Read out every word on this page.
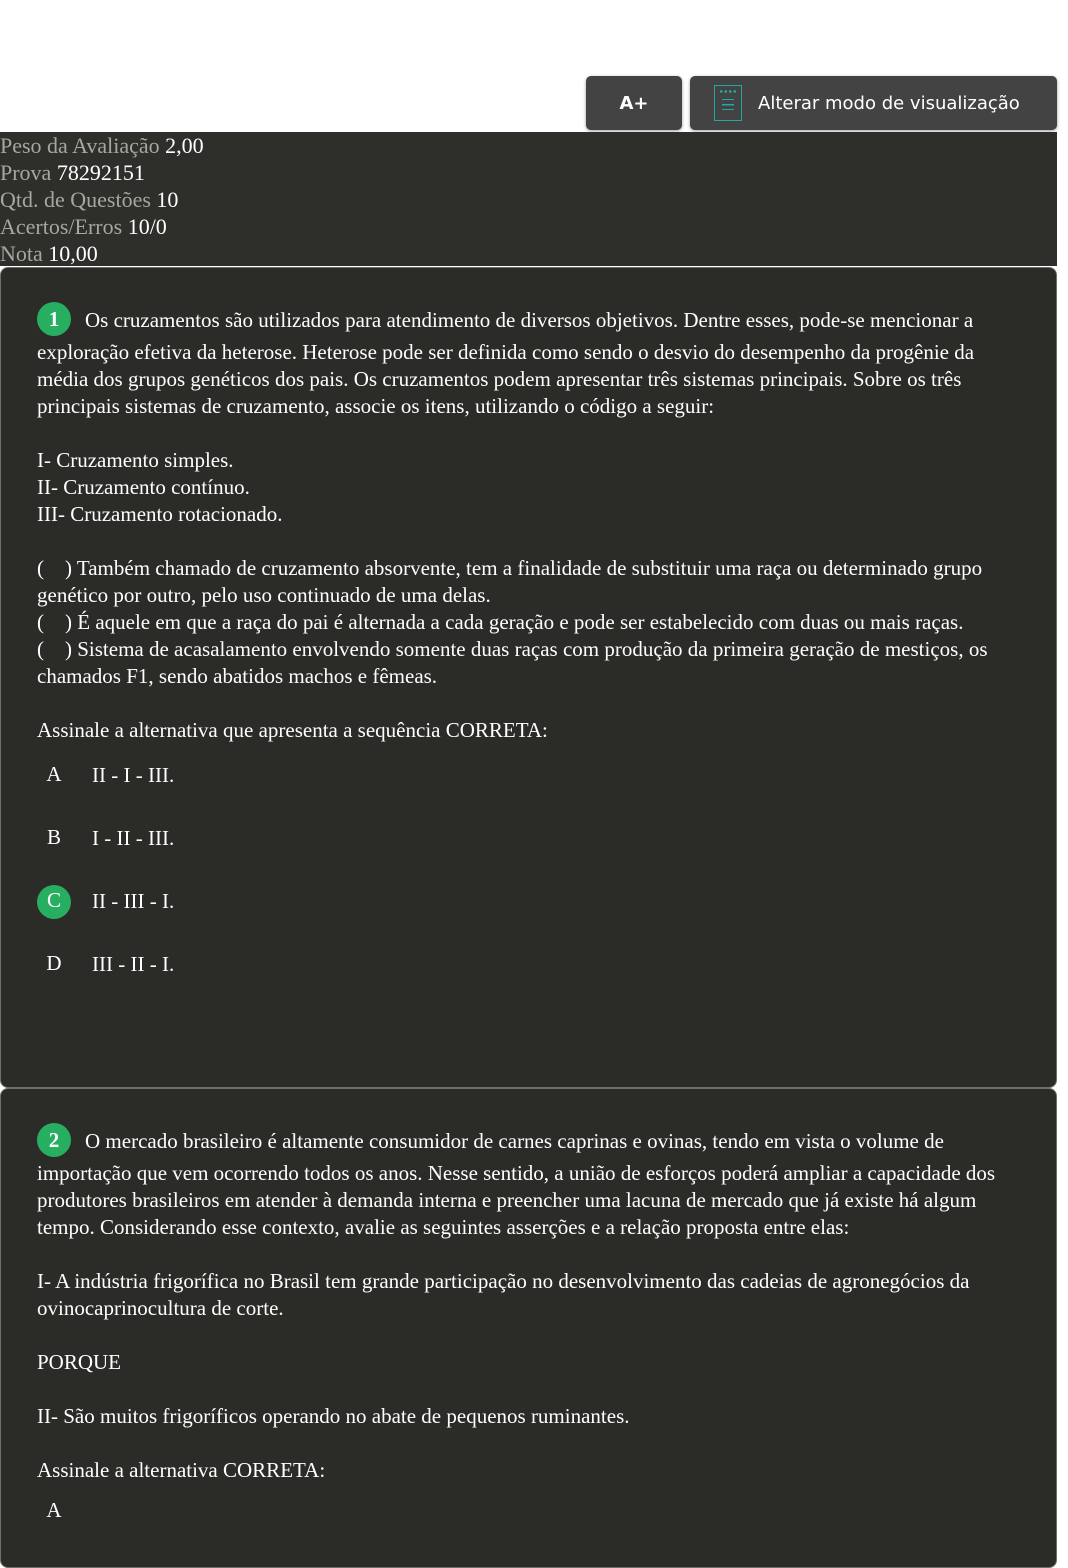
A+	Alterar modo de visualização
Peso da Avaliação 2,00
Prova 78292151
Qtd. de Questões 10
Acertos/Erros 10/0
Nota 10,00

1 Os cruzamentos são utilizados para atendimento de diversos objetivos. Dentre esses, pode-se mencionar a exploração efetiva da heterose. Heterose pode ser definida como sendo o desvio do desempenho da progênie da média dos grupos genéticos dos pais. Os cruzamentos podem apresentar três sistemas principais. Sobre os três principais sistemas de cruzamento, associe os itens, utilizando o código a seguir:

I- Cruzamento simples.
II- Cruzamento contínuo.
III- Cruzamento rotacionado.
(    ) Também chamado de cruzamento absorvente, tem a finalidade de substituir uma raça ou determinado grupo genético por outro, pelo uso continuado de uma delas.
(    ) É aquele em que a raça do pai é alternada a cada geração e pode ser estabelecido com duas ou mais raças.
(    ) Sistema de acasalamento envolvendo somente duas raças com produção da primeira geração de mestiços, os chamados F1, sendo abatidos machos e fêmeas.

Assinale a alternativa que apresenta a sequência CORRETA:

A	II - I - III.
B	I - II - III.
C	II - III - I.
D	III - II - I.

2 O mercado brasileiro é altamente consumidor de carnes caprinas e ovinas, tendo em vista o volume de importação que vem ocorrendo todos os anos. Nesse sentido, a união de esforços poderá ampliar a capacidade dos produtores brasileiros em atender à demanda interna e preencher uma lacuna de mercado que já existe há algum tempo. Considerando esse contexto, avalie as seguintes asserções e a relação proposta entre elas:

I- A indústria frigorífica no Brasil tem grande participação no desenvolvimento das cadeias de agronegócios da ovinocaprinocultura de corte.

PORQUE

II- São muitos frigoríficos operando no abate de pequenos ruminantes.

Assinale a alternativa CORRETA:

A
